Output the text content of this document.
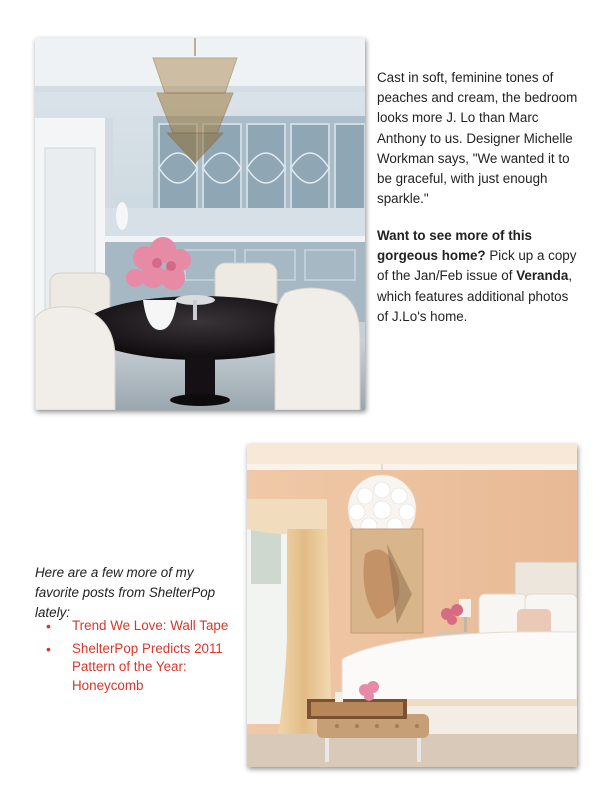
Cast in soft, feminine tones of peaches and cream, the bedroom looks more J. Lo than Marc Anthony to us. Designer Michelle Workman says, "We wanted it to be graceful, with just enough sparkle."

Want to see more of this gorgeous home? Pick up a copy of the Jan/Feb issue of Veranda, which features additional photos of J.Lo's home.

Here are a few more of my favorite posts from ShelterPop lately:

• Trend We Love: Wall Tape
• ShelterPop Predicts 2011 Pattern of the Year: Honeycomb
